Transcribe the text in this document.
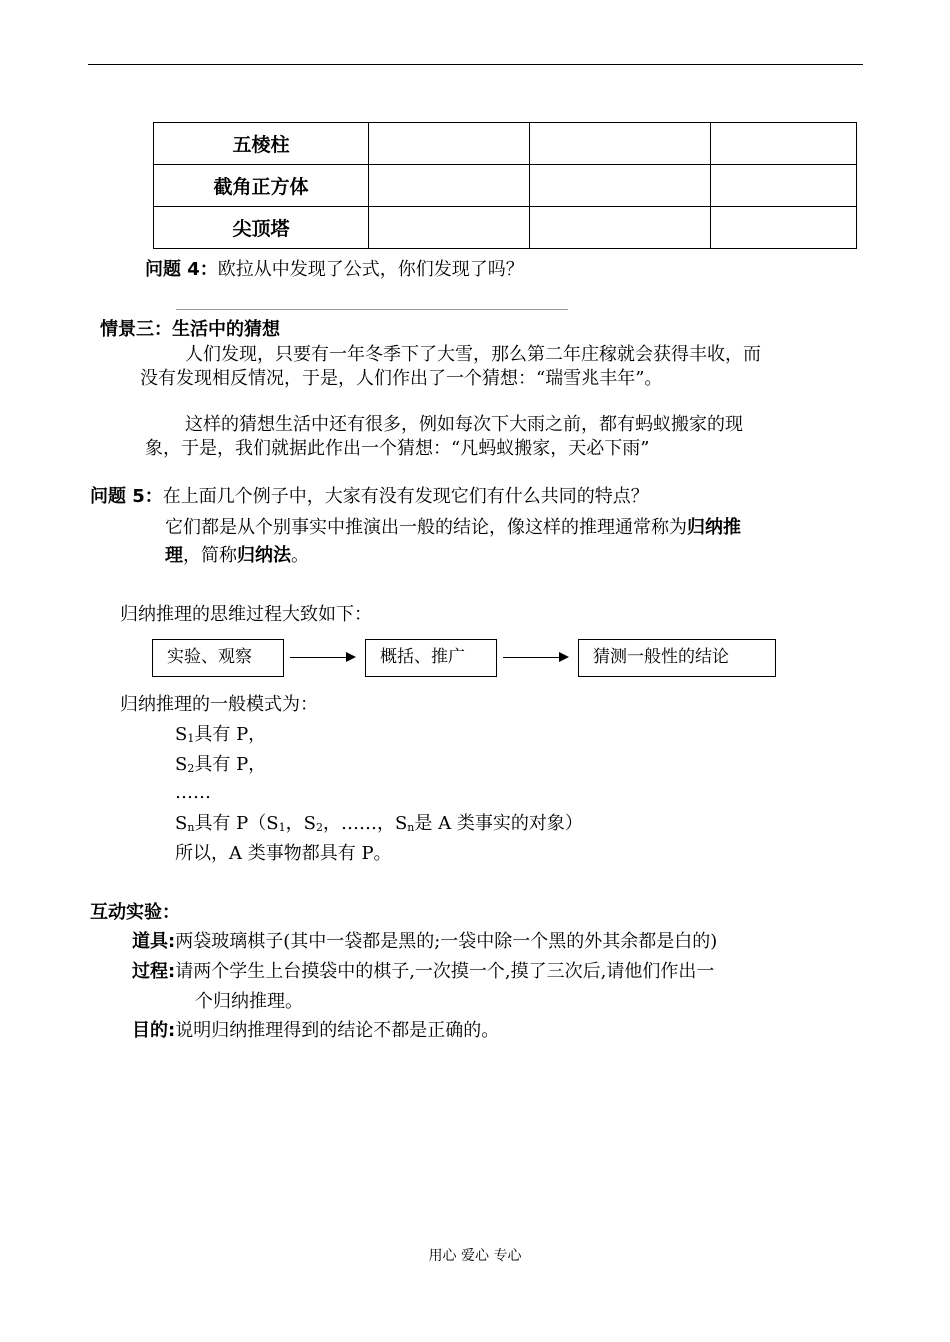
五棱柱			
截角正方体			
尖顶塔			
问题 4：欧拉从中发现了公式，你们发现了吗？
情景三：生活中的猜想
人们发现，只要有一年冬季下了大雪，那么第二年庄稼就会获得丰收，而
没有发现相反情况，于是，人们作出了一个猜想：“瑞雪兆丰年”。
这样的猜想生活中还有很多，例如每次下大雨之前，都有蚂蚁搬家的现
象，于是，我们就据此作出一个猜想：“凡蚂蚁搬家，天必下雨”
问题 5：在上面几个例子中，大家有没有发现它们有什么共同的特点？
它们都是从个别事实中推演出一般的结论，像这样的推理通常称为归纳推
理，简称归纳法。
归纳推理的思维过程大致如下：
实验、观察	概括、推广	猜测一般性的结论
归纳推理的一般模式为：
$S_1$具有 P，
$S_2$具有 P，
……
$S_n$具有 $P(S_1$，$S_2$，……，$S_n$是 A 类事实的对象）
所以，A 类事物都具有 P。
互动实验：
道具:两袋玻璃棋子(其中一袋都是黑的;一袋中除一个黑的外其余都是白的)
过程:请两个学生上台摸袋中的棋子,一次摸一个,摸了三次后,请他们作出一
个归纳推理。
目的:说明归纳推理得到的结论不都是正确的。
用心 爱心 专心
